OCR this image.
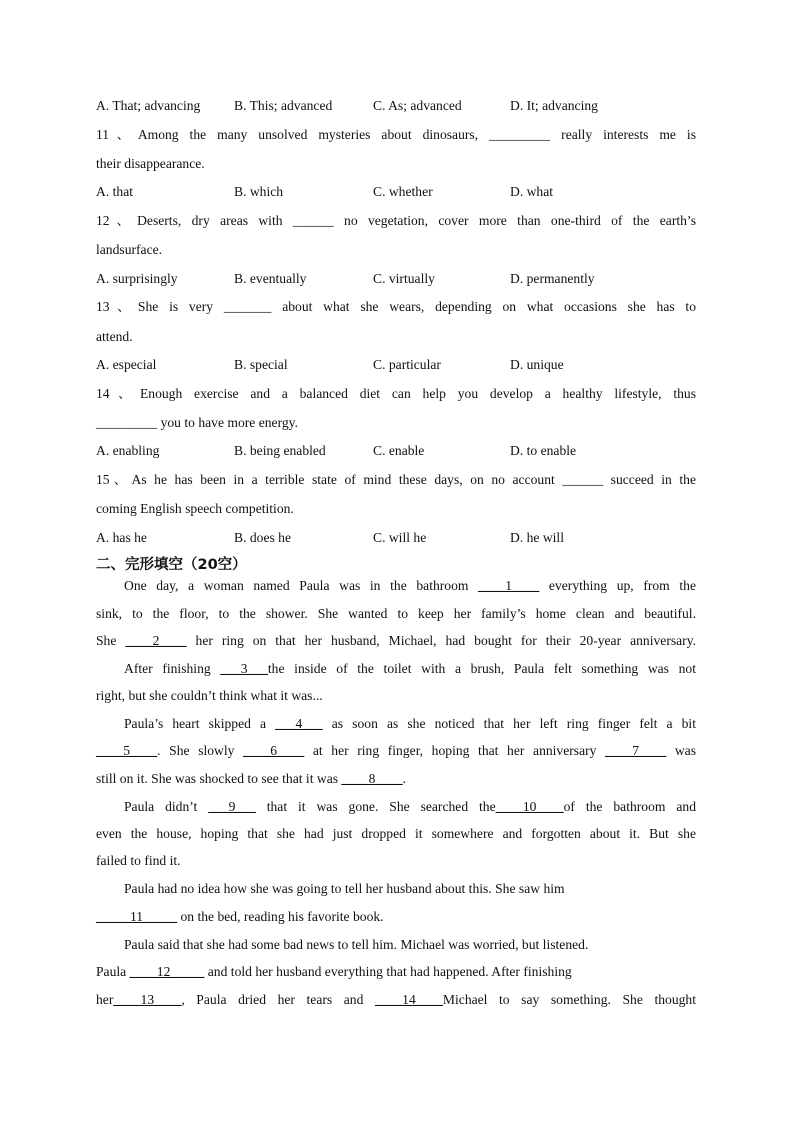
A. That; advancing B. This; advanced	C. As; advanced	D. It; advancing
11、Among the many unsolved mysteries about dinosaurs, _________ really interests me is
their disappearance.
A. that	B. which	C. whether	D. what
12、Deserts, dry areas with ______ no vegetation, cover more than one-third of the earth’s
landsurface.
A. surprisingly	B. eventually	C. virtually	D. permanently
13、She is very _______ about what she wears, depending on what occasions she has to
attend.
A. especial	B. special	C. particular	D. unique
14、Enough exercise and a balanced diet can help you develop a healthy lifestyle, thus
_________ you to have more energy.
A. enabling	B. being enabled	C. enable	D. to enable
15、As he has been in a terrible state of mind these days, on no account ______ succeed in the
coming English speech competition.
A. has he	B. does he	C. will he	D. he will
二、完形填空（20空）
One day, a woman named Paula was in the bathroom ____1____ everything up, from the
sink, to the floor, to the shower. She wanted to keep her family’s home clean and beautiful.
She ____2____ her ring on that her husband, Michael, had bought for their 20-year anniversary.
After finishing ___3___the inside of the toilet with a brush, Paula felt something was not
right, but she couldn’t think what it was...
Paula’s heart skipped a ___4___ as soon as she noticed that her left ring finger felt a bit
____5____. She slowly ____6____ at her ring finger, hoping that her anniversary ____7____ was
still on it. She was shocked to see that it was ____8____.
Paula didn’t ___9___ that it was gone. She searched the____10____of the bathroom and
even the house, hoping that she had just dropped it somewhere and forgotten about it. But she
failed to find it.
Paula had no idea how she was going to tell her husband about this. She saw him
_____11_____ on the bed, reading his favorite book.
Paula said that she had some bad news to tell him. Michael was worried, but listened.
Paula ____12_____ and told her husband everything that had happened. After finishing
her____13____, Paula dried her tears and ____14____Michael to say something. She thought
